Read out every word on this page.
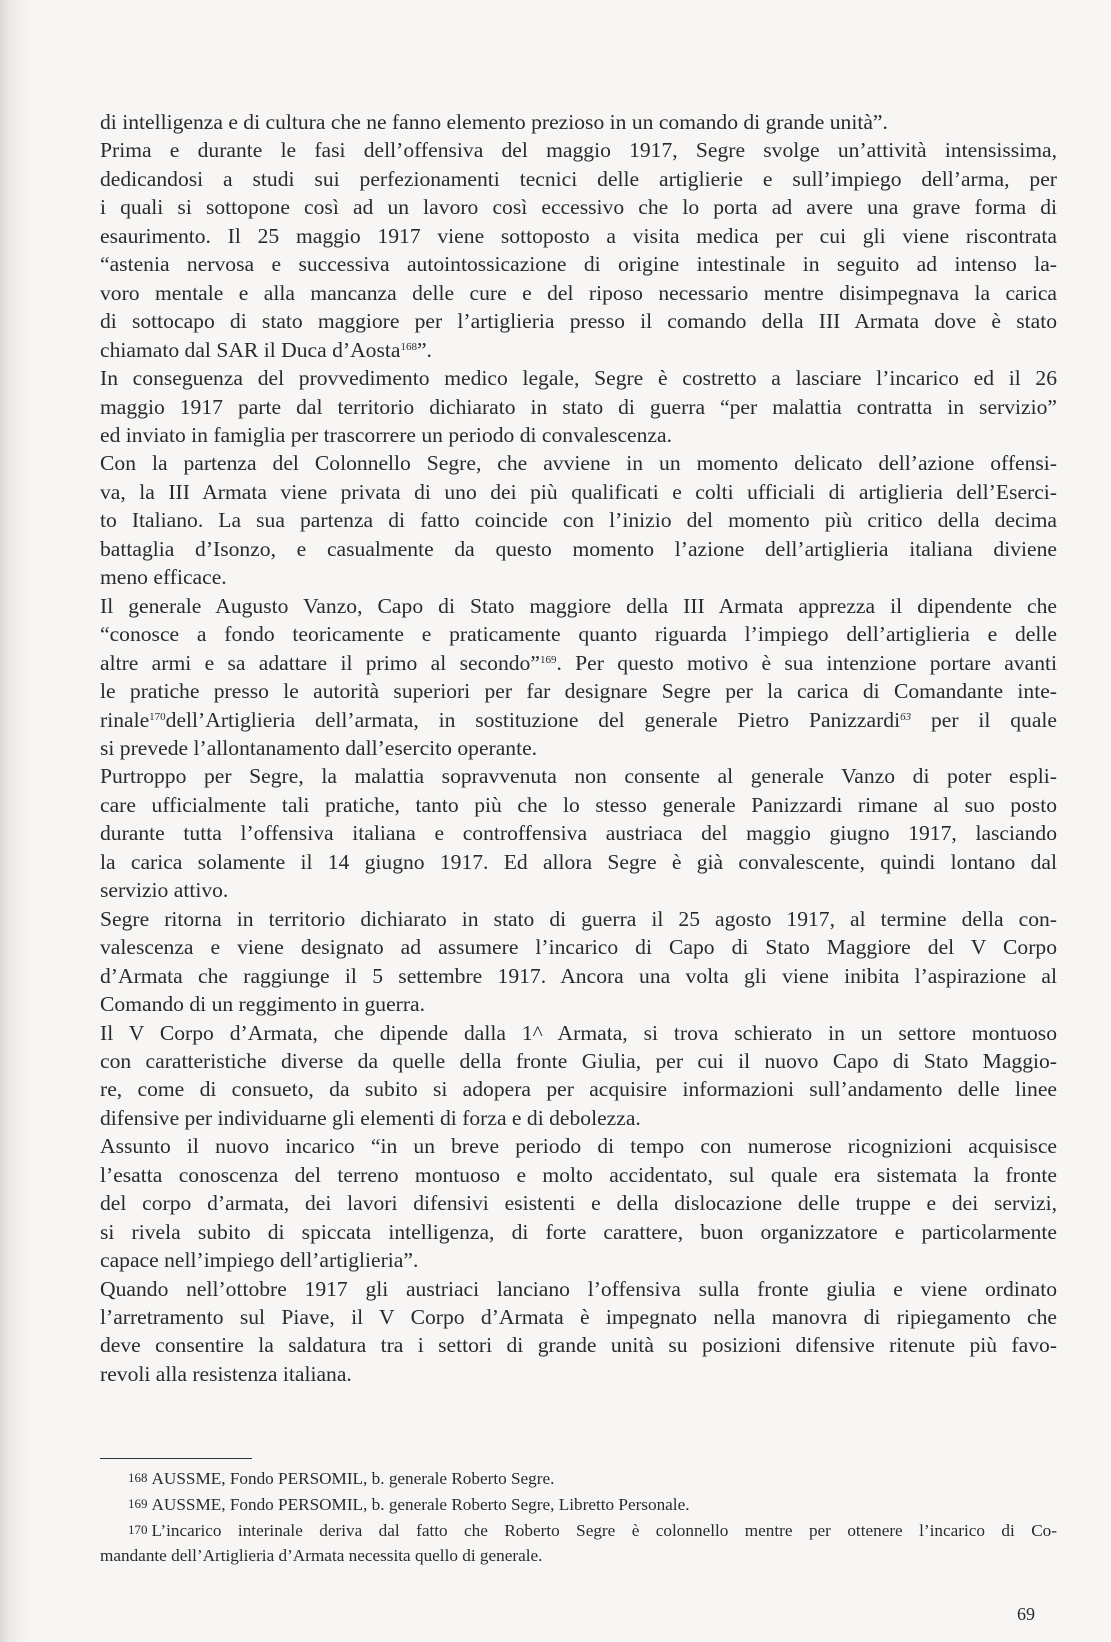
di intelligenza e di cultura che ne fanno elemento prezioso in un comando di grande unità”.

Prima e durante le fasi dell’offensiva del maggio 1917, Segre svolge un’attività intensissima,
dedicandosi a studi sui perfezionamenti tecnici delle artiglierie e sull’impiego dell’arma, per
i quali si sottopone così ad un lavoro così eccessivo che lo porta ad avere una grave forma di
esaurimento. Il 25 maggio 1917 viene sottoposto a visita medica per cui gli viene riscontrata
“astenia nervosa e successiva autointossicazione di origine intestinale in seguito ad intenso la-
voro mentale e alla mancanza delle cure e del riposo necessario mentre disimpegnava la carica
di sottocapo di stato maggiore per l’artiglieria presso il comando della III Armata dove è stato
chiamato dal SAR il Duca d’Aosta$^{168}$”.

In conseguenza del provvedimento medico legale, Segre è costretto a lasciare l’incarico ed il 26
maggio 1917 parte dal territorio dichiarato in stato di guerra “per malattia contratta in servizio”
ed inviato in famiglia per trascorrere un periodo di convalescenza.

Con la partenza del Colonnello Segre, che avviene in un momento delicato dell’azione offensi-
va, la III Armata viene privata di uno dei più qualificati e colti ufficiali di artiglieria dell’Eserci-
to Italiano. La sua partenza di fatto coincide con l’inizio del momento più critico della decima
battaglia d’Isonzo, e casualmente da questo momento l’azione dell’artiglieria italiana diviene
meno efficace.

Il generale Augusto Vanzo, Capo di Stato maggiore della III Armata apprezza il dipendente che
“conosce a fondo teoricamente e praticamente quanto riguarda l’impiego dell’artiglieria e delle
altre armi e sa adattare il primo al secondo”$^{169}$. Per questo motivo è sua intenzione portare avanti
le pratiche presso le autorità superiori per far designare Segre per la carica di Comandante inte-
rinale$^{170}$dell’Artiglieria dell’armata, in sostituzione del generale Pietro Panizzardi$^{63}$ per il quale
si prevede l’allontanamento dall’esercito operante.

Purtroppo per Segre, la malattia sopravvenuta non consente al generale Vanzo di poter espli-
care ufficialmente tali pratiche, tanto più che lo stesso generale Panizzardi rimane al suo posto
durante tutta l’offensiva italiana e controffensiva austriaca del maggio giugno 1917, lasciando
la carica solamente il 14 giugno 1917. Ed allora Segre è già convalescente, quindi lontano dal
servizio attivo.

Segre ritorna in territorio dichiarato in stato di guerra il 25 agosto 1917, al termine della con-
valescenza e viene designato ad assumere l’incarico di Capo di Stato Maggiore del V Corpo
d’Armata che raggiunge il 5 settembre 1917. Ancora una volta gli viene inibita l’aspirazione al
Comando di un reggimento in guerra.

Il V Corpo d’Armata, che dipende dalla 1^ Armata, si trova schierato in un settore montuoso
con caratteristiche diverse da quelle della fronte Giulia, per cui il nuovo Capo di Stato Maggio-
re, come di consueto, da subito si adopera per acquisire informazioni sull’andamento delle linee
difensive per individuarne gli elementi di forza e di debolezza.

Assunto il nuovo incarico “in un breve periodo di tempo con numerose ricognizioni acquisisce
l’esatta conoscenza del terreno montuoso e molto accidentato, sul quale era sistemata la fronte
del corpo d’armata, dei lavori difensivi esistenti e della dislocazione delle truppe e dei servizi,
si rivela subito di spiccata intelligenza, di forte carattere, buon organizzatore e particolarmente
capace nell’impiego dell’artiglieria”.

Quando nell’ottobre 1917 gli austriaci lanciano l’offensiva sulla fronte giulia e viene ordinato
l’arretramento sul Piave, il V Corpo d’Armata è impegnato nella manovra di ripiegamento che
deve consentire la saldatura tra i settori di grande unità su posizioni difensive ritenute più favo-
revoli alla resistenza italiana.

168 AUSSME, Fondo PERSOMIL, b. generale Roberto Segre.
169 AUSSME, Fondo PERSOMIL, b. generale Roberto Segre, Libretto Personale.
170 L’incarico interinale deriva dal fatto che Roberto Segre è colonnello mentre per ottenere l’incarico di Co-
mandante dell’Artiglieria d’Armata necessita quello di generale.
69
